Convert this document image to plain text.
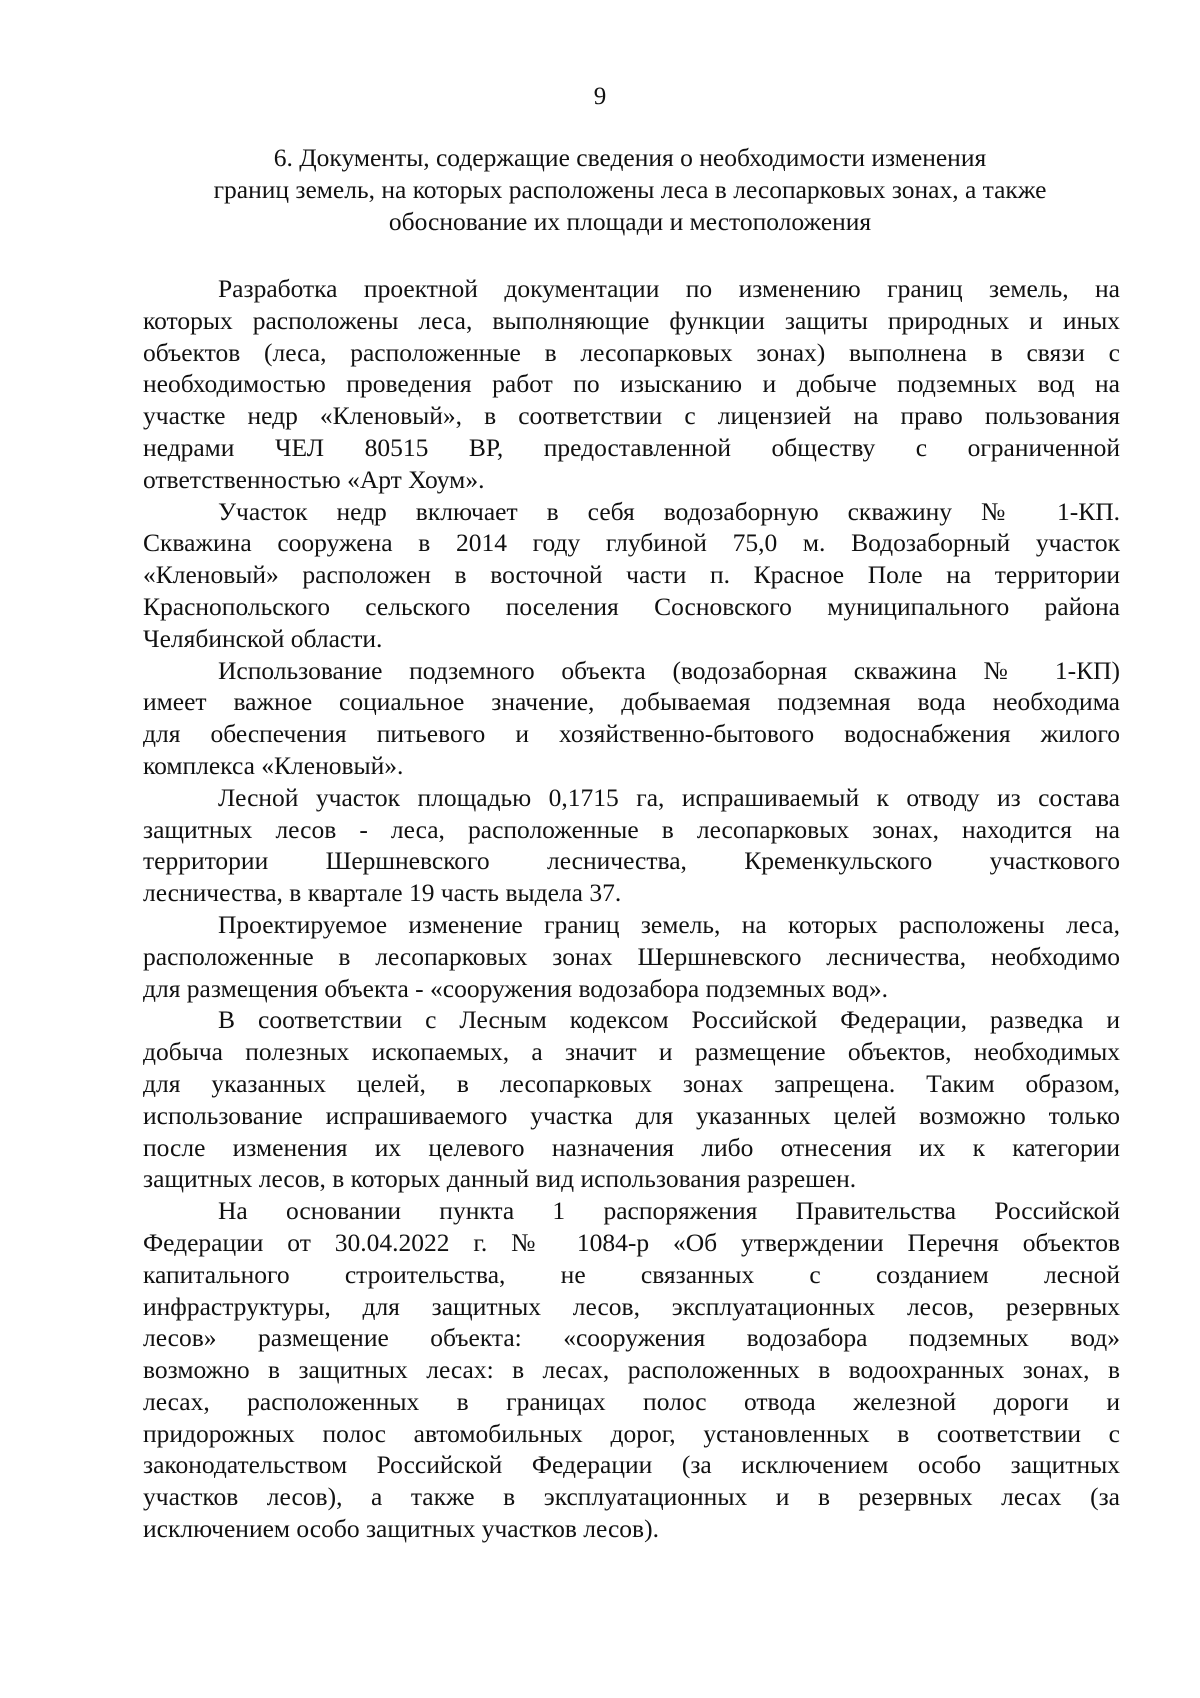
9
6. Документы, содержащие сведения о необходимости изменения
границ земель, на которых расположены леса в лесопарковых зонах, а также
обоснование их площади и местоположения

Разработка проектной документации по изменению границ земель, на
которых расположены леса, выполняющие функции защиты природных и иных
объектов (леса, расположенные в лесопарковых зонах) выполнена в связи с
необходимостью проведения работ по изысканию и добыче подземных вод на
участке недр «Кленовый», в соответствии с лицензией на право пользования
недрами ЧЕЛ 80515 ВР, предоставленной обществу с ограниченной
ответственностью «Арт Хоум».

Участок недр включает в себя водозаборную скважину № 1-КП.
Скважина сооружена в 2014 году глубиной 75,0 м. Водозаборный участок
«Кленовый» расположен в восточной части п. Красное Поле на территории
Краснопольского сельского поселения Сосновского муниципального района
Челябинской области.

Использование подземного объекта (водозаборная скважина № 1-КП)
имеет важное социальное значение, добываемая подземная вода необходима
для обеспечения питьевого и хозяйственно-бытового водоснабжения жилого
комплекса «Кленовый».

Лесной участок площадью 0,1715 га, испрашиваемый к отводу из состава
защитных лесов - леса, расположенные в лесопарковых зонах, находится на
территории Шершневского лесничества, Кременкульского участкового
лесничества, в квартале 19 часть выдела 37.

Проектируемое изменение границ земель, на которых расположены леса,
расположенные в лесопарковых зонах Шершневского лесничества, необходимо
для размещения объекта - «сооружения водозабора подземных вод».

В соответствии с Лесным кодексом Российской Федерации, разведка и
добыча полезных ископаемых, а значит и размещение объектов, необходимых
для указанных целей, в лесопарковых зонах запрещена. Таким образом,
использование испрашиваемого участка для указанных целей возможно только
после изменения их целевого назначения либо отнесения их к категории
защитных лесов, в которых данный вид использования разрешен.

На основании пункта 1 распоряжения Правительства Российской
Федерации от 30.04.2022 г. № 1084-р «Об утверждении Перечня объектов
капитального строительства, не связанных с созданием лесной
инфраструктуры, для защитных лесов, эксплуатационных лесов, резервных
лесов» размещение объекта: «сооружения водозабора подземных вод»
возможно в защитных лесах: в лесах, расположенных в водоохранных зонах, в
лесах, расположенных в границах полос отвода железной дороги и
придорожных полос автомобильных дорог, установленных в соответствии с
законодательством Российской Федерации (за исключением особо защитных
участков лесов), а также в эксплуатационных и в резервных лесах (за
исключением особо защитных участков лесов).
